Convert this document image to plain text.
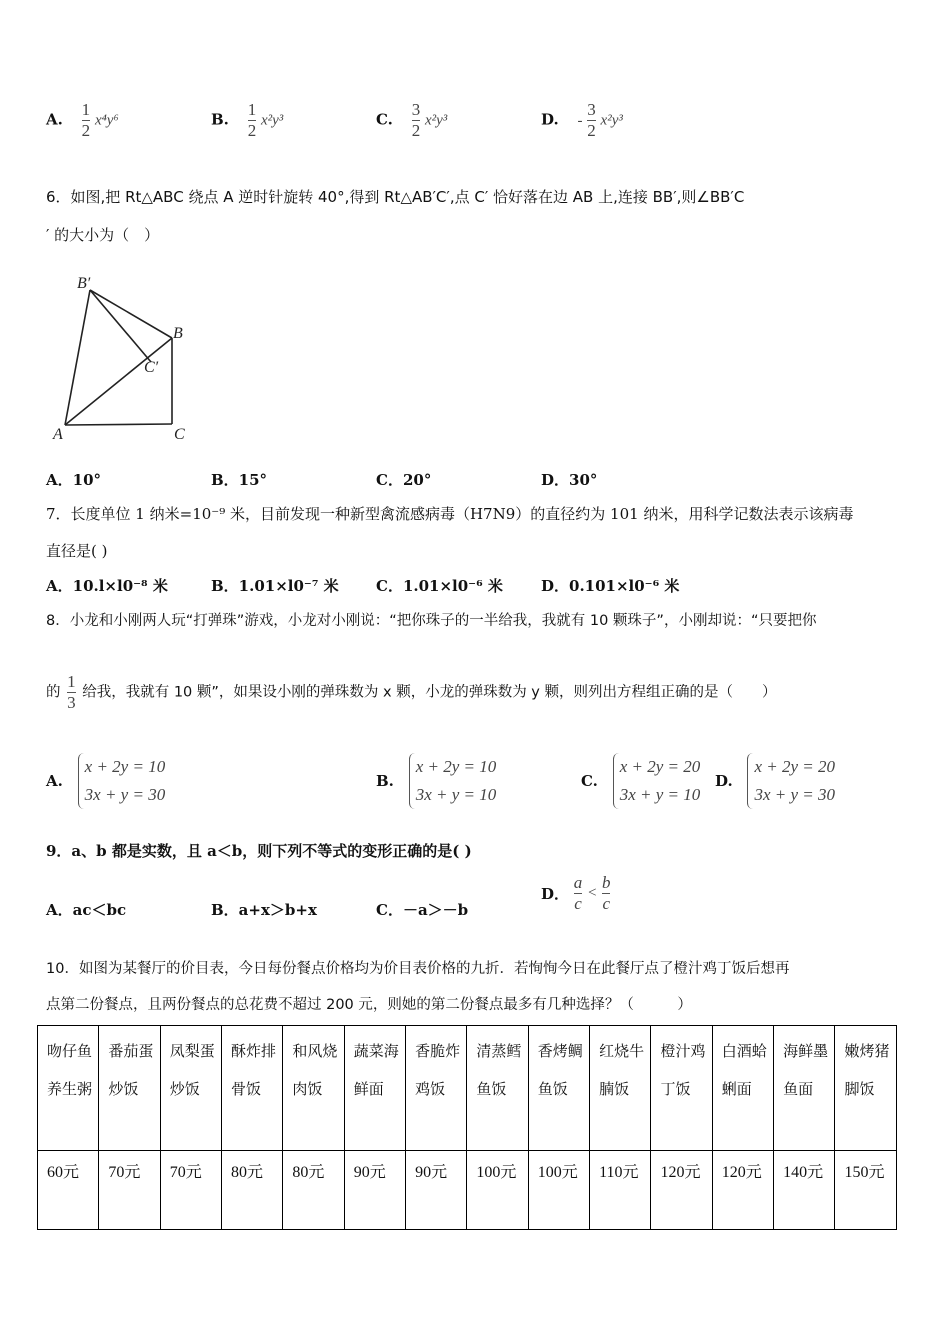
A. $\frac{1}{2} x^4y^6$	B. $\frac{1}{2} x^2y^3$	C. $\frac{3}{2} x^2y^3$	D. - $\frac{3}{2} x^2y^3$
6．如图,把 Rt△ABC 绕点 A 逆时针旋转 40°,得到 Rt△AB′C′,点 C′ 恰好落在边 AB 上,连接 BB′,则∠BB′C
′ 的大小为（　）
B′
B
C′
A	C
A．10°	B．15°	C．20°	D．30°
7．长度单位 1 纳米=10⁻⁹ 米，目前发现一种新型禽流感病毒（H7N9）的直径约为 101 纳米，用科学记数法表示该病毒
直径是( )
A．10.l×l0⁻⁸ 米	B．1.01×l0⁻⁷ 米 C．1.01×l0⁻⁶ 米	D．0.101×l0⁻⁶ 米
8．小龙和小刚两人玩“打弹珠”游戏，小龙对小刚说：“把你珠子的一半给我，我就有 10 颗珠子”，小刚却说：“只要把你
的 $\frac{1}{3}$ 给我，我就有 10 颗”，如果设小刚的弹珠数为 x 颗，小龙的弹珠数为 y 颗，则列出方程组正确的是（　　）
A.
x + 2y = 10
3x + y = 30
B.
x + 2y = 10
3x + y = 10
C.
x + 2y = 20
3x + y = 10
D.
x + 2y = 20
3x + y = 30
9．a、b 都是实数，且 a＜b，则下列不等式的变形正确的是( )
A．ac＜bc	B．a+x＞b+x	C．－a＞－b
D． $\frac{a}{c} < \frac{b}{c}$
10．如图为某餐厅的价目表，今日每份餐点价格均为价目表价格的九折．若恂恂今日在此餐厅点了橙汁鸡丁饭后想再
点第二份餐点，且两份餐点的总花费不超过 200 元，则她的第二份餐点最多有几种选择？（　　　）
吻仔鱼养生粥	番茄蛋炒饭	凤梨蛋炒饭	酥炸排骨饭	和风烧肉饭	蔬菜海鲜面	香脆炸鸡饭	清蒸鳕鱼饭	香烤鲷鱼饭	红烧牛腩饭	橙汁鸡丁饭	白酒蛤蜊面	海鲜墨鱼面	嫩烤猪脚饭
60元	70元	70元	80元	80元	90元	90元	100元	100元	110元	120元	120元	140元	150元
